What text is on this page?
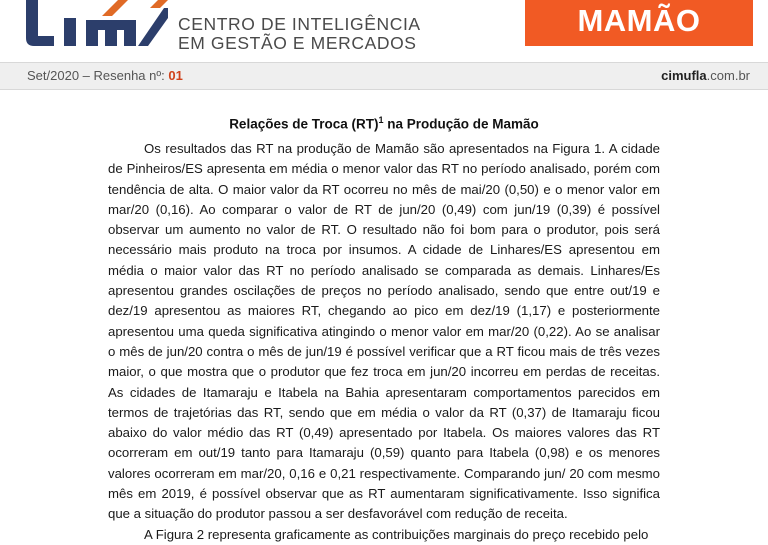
CENTRO DE INTELIGÊNCIA
EM GESTÃO E MERCADOS
MAMÃO
Set/2020 – Resenha nº: 01	cimufla.com.br
Relações de Troca (RT)$^1$ na Produção de Mamão

Os resultados das RT na produção de Mamão são apresentados na Figura 1. A cidade de Pinheiros/ES apresenta em média o menor valor das RT no período analisado, porém com tendência de alta. O maior valor da RT ocorreu no mês de mai/20 (0,50) e o menor valor em mar/20 (0,16). Ao comparar o valor de RT de jun/20 (0,49) com jun/19 (0,39) é possível observar um aumento no valor de RT. O resultado não foi bom para o produtor, pois será necessário mais produto na troca por insumos. A cidade de Linhares/ES apresentou em média o maior valor das RT no período analisado se comparada as demais. Linhares/Es apresentou grandes oscilações de preços no período analisado, sendo que entre out/19 e dez/19 apresentou as maiores RT, chegando ao pico em dez/19 (1,17) e posteriormente apresentou uma queda significativa atingindo o menor valor em mar/20 (0,22). Ao se analisar o mês de jun/20 contra o mês de jun/19 é possível verificar que a RT ficou mais de três vezes maior, o que mostra que o produtor que fez troca em jun/20 incorreu em perdas de receitas. As cidades de Itamaraju e Itabela na Bahia apresentaram comportamentos parecidos em termos de trajetórias das RT, sendo que em média o valor da RT (0,37) de Itamaraju ficou abaixo do valor médio das RT (0,49) apresentado por Itabela. Os maiores valores das RT ocorreram em out/19 tanto para Itamaraju (0,59) quanto para Itabela (0,98) e os menores valores ocorreram em mar/20, 0,16 e 0,21 respectivamente. Comparando jun/ 20 com mesmo mês em 2019, é possível observar que as RT aumentaram significativamente. Isso significa que a situação do produtor passou a ser desfavorável com redução de receita.

A Figura 2 representa graficamente as contribuições marginais do preço recebido pelo
